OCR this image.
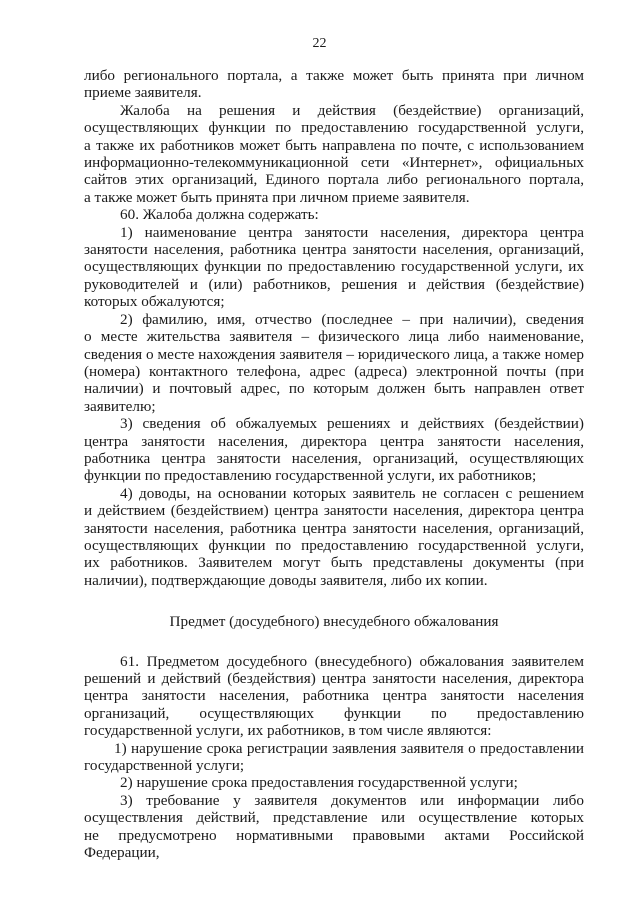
22

либо регионального портала, а также может быть принята при личном

приеме заявителя.

Жалоба на решения и действия (бездействие) организаций,

осуществляющих функции по предоставлению государственной услуги,

а также их работников может быть направлена по почте, с использованием

информационно-телекоммуникационной сети «Интернет», официальных

сайтов этих организаций, Единого портала либо регионального портала,

а также может быть принята при личном приеме заявителя.

60. Жалоба должна содержать:

1) наименование центра занятости населения, директора центра

занятости населения, работника центра занятости населения, организаций,

осуществляющих функции по предоставлению государственной услуги, их

руководителей и (или) работников, решения и действия (бездействие)

которых обжалуются;

2) фамилию, имя, отчество (последнее – при наличии), сведения

о месте жительства заявителя – физического лица либо наименование,

сведения о месте нахождения заявителя – юридического лица, а также номер

(номера) контактного телефона, адрес (адреса) электронной почты (при

наличии) и почтовый адрес, по которым должен быть направлен ответ

заявителю;

3) сведения об обжалуемых решениях и действиях (бездействии)

центра занятости населения, директора центра занятости населения,

работника центра занятости населения, организаций, осуществляющих

функции по предоставлению государственной услуги, их работников;

4) доводы, на основании которых заявитель не согласен с решением

и действием (бездействием) центра занятости населения, директора центра

занятости населения, работника центра занятости населения, организаций,

осуществляющих функции по предоставлению государственной услуги,

их работников. Заявителем могут быть представлены документы (при

наличии), подтверждающие доводы заявителя, либо их копии.

Предмет (досудебного) внесудебного обжалования

61. Предметом досудебного (внесудебного) обжалования заявителем

решений и действий (бездействия) центра занятости населения, директора

центра занятости населения, работника центра занятости населения

организаций, осуществляющих функции по предоставлению

государственной услуги, их работников, в том числе являются:

1) нарушение срока регистрации заявления заявителя о предоставлении

государственной услуги;

2) нарушение срока предоставления государственной услуги;

3) требование у заявителя документов или информации либо

осуществления действий, представление или осуществление которых

не предусмотрено нормативными правовыми актами Российской Федерации,
